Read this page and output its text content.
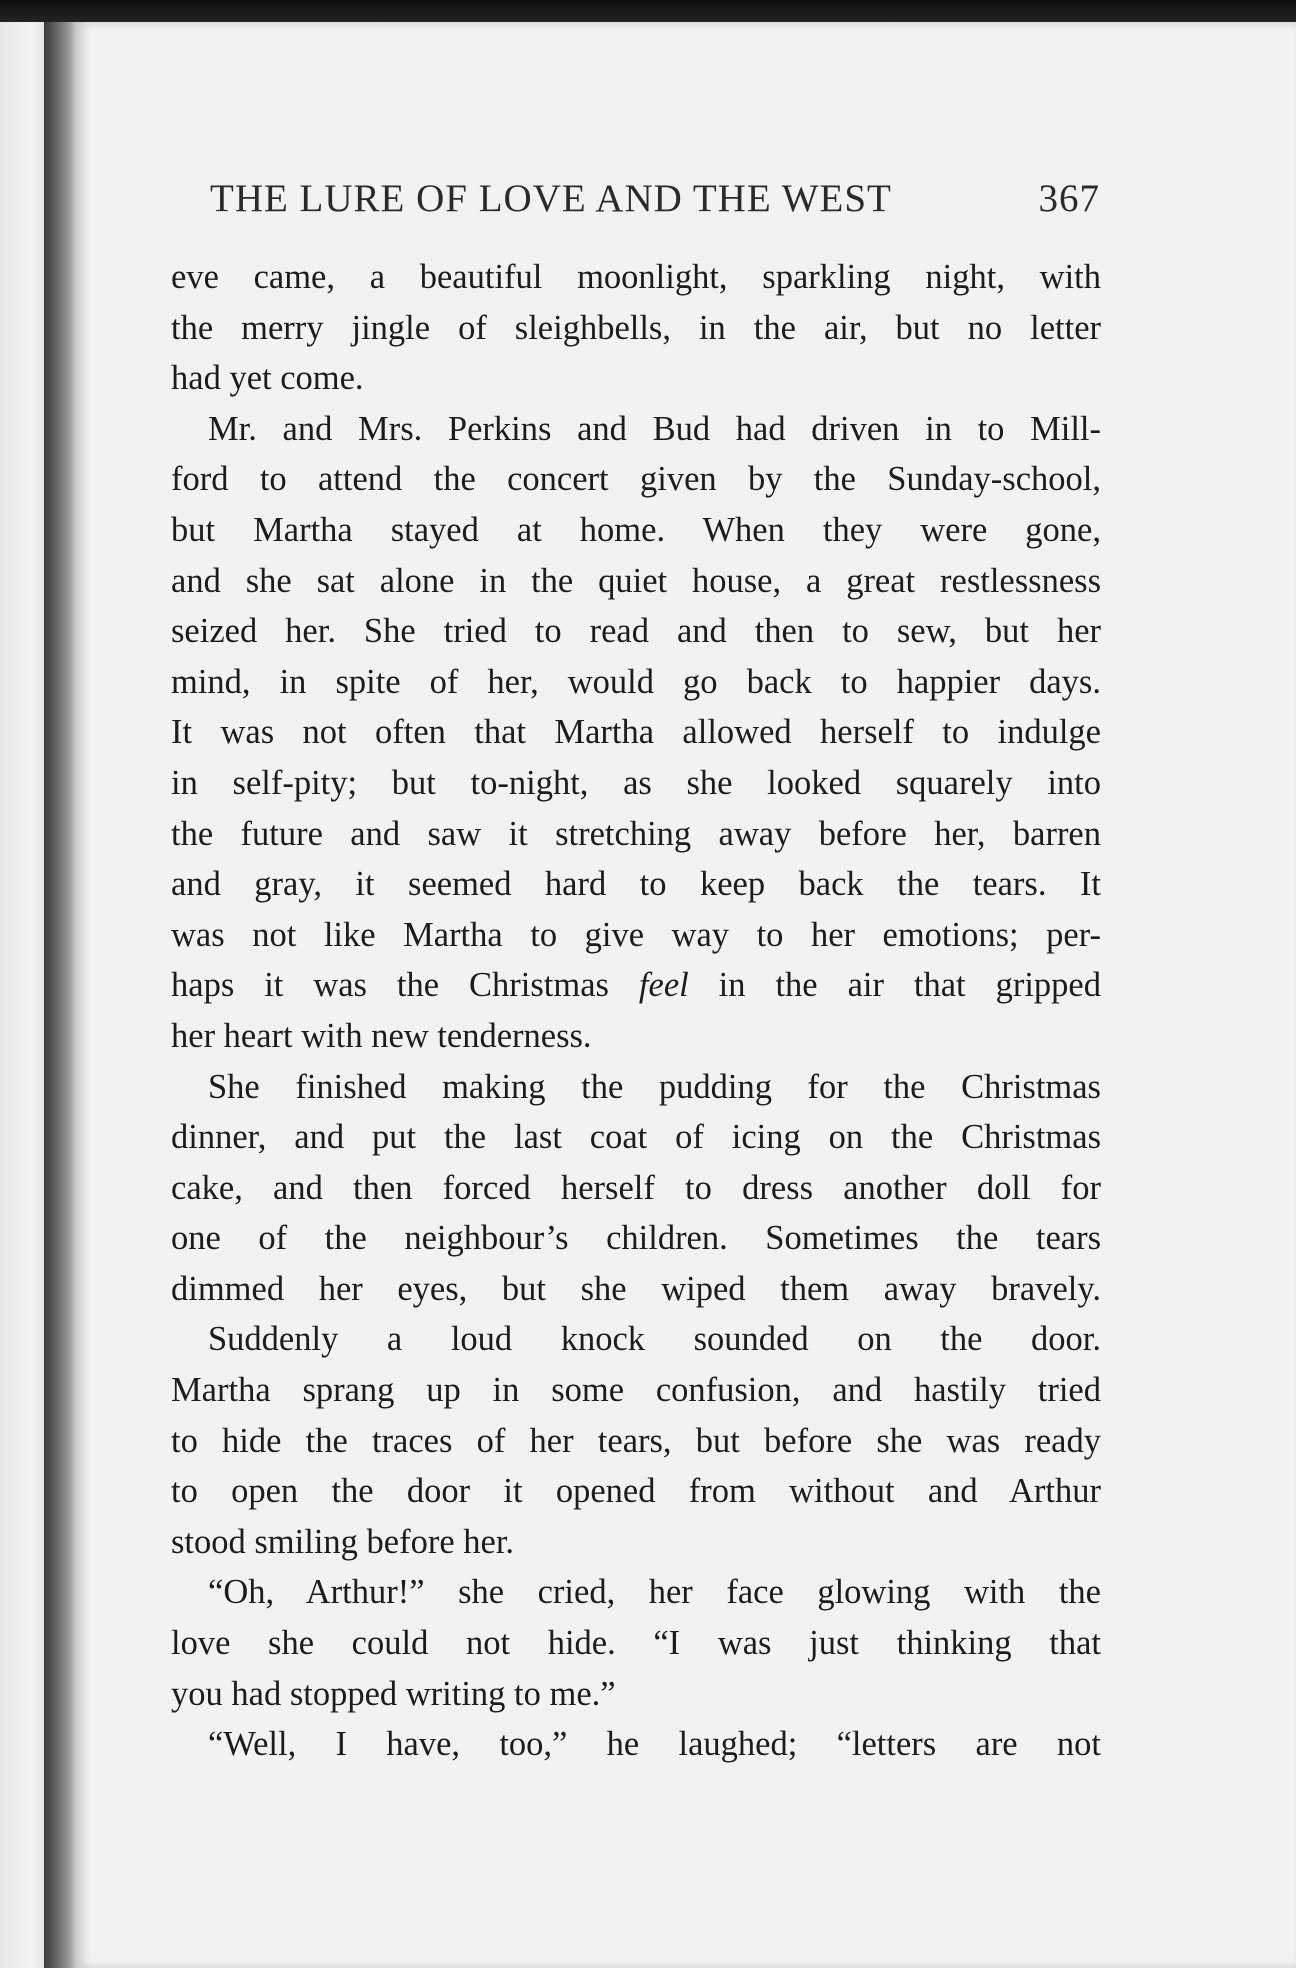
THE LURE OF LOVE AND THE WEST	367
eve came, a beautiful moonlight, sparkling night, with
the merry jingle of sleighbells, in the air, but no letter
had yet come.
Mr. and Mrs. Perkins and Bud had driven in to Mill-
ford to attend the concert given by the Sunday-school,
but Martha stayed at home. When they were gone,
and she sat alone in the quiet house, a great restlessness
seized her. She tried to read and then to sew, but her
mind, in spite of her, would go back to happier days.
It was not often that Martha allowed herself to indulge
in self-pity; but to-night, as she looked squarely into
the future and saw it stretching away before her, barren
and gray, it seemed hard to keep back the tears. It
was not like Martha to give way to her emotions; per-
haps it was the Christmas feel in the air that gripped
her heart with new tenderness.
She finished making the pudding for the Christmas
dinner, and put the last coat of icing on the Christmas
cake, and then forced herself to dress another doll for
one of the neighbour’s children. Sometimes the tears
dimmed her eyes, but she wiped them away bravely.
Suddenly a loud knock sounded on the door.
Martha sprang up in some confusion, and hastily tried
to hide the traces of her tears, but before she was ready
to open the door it opened from without and Arthur
stood smiling before her.
“Oh, Arthur!” she cried, her face glowing with the
love she could not hide. “I was just thinking that
you had stopped writing to me.”
“Well, I have, too,” he laughed; “letters are not
